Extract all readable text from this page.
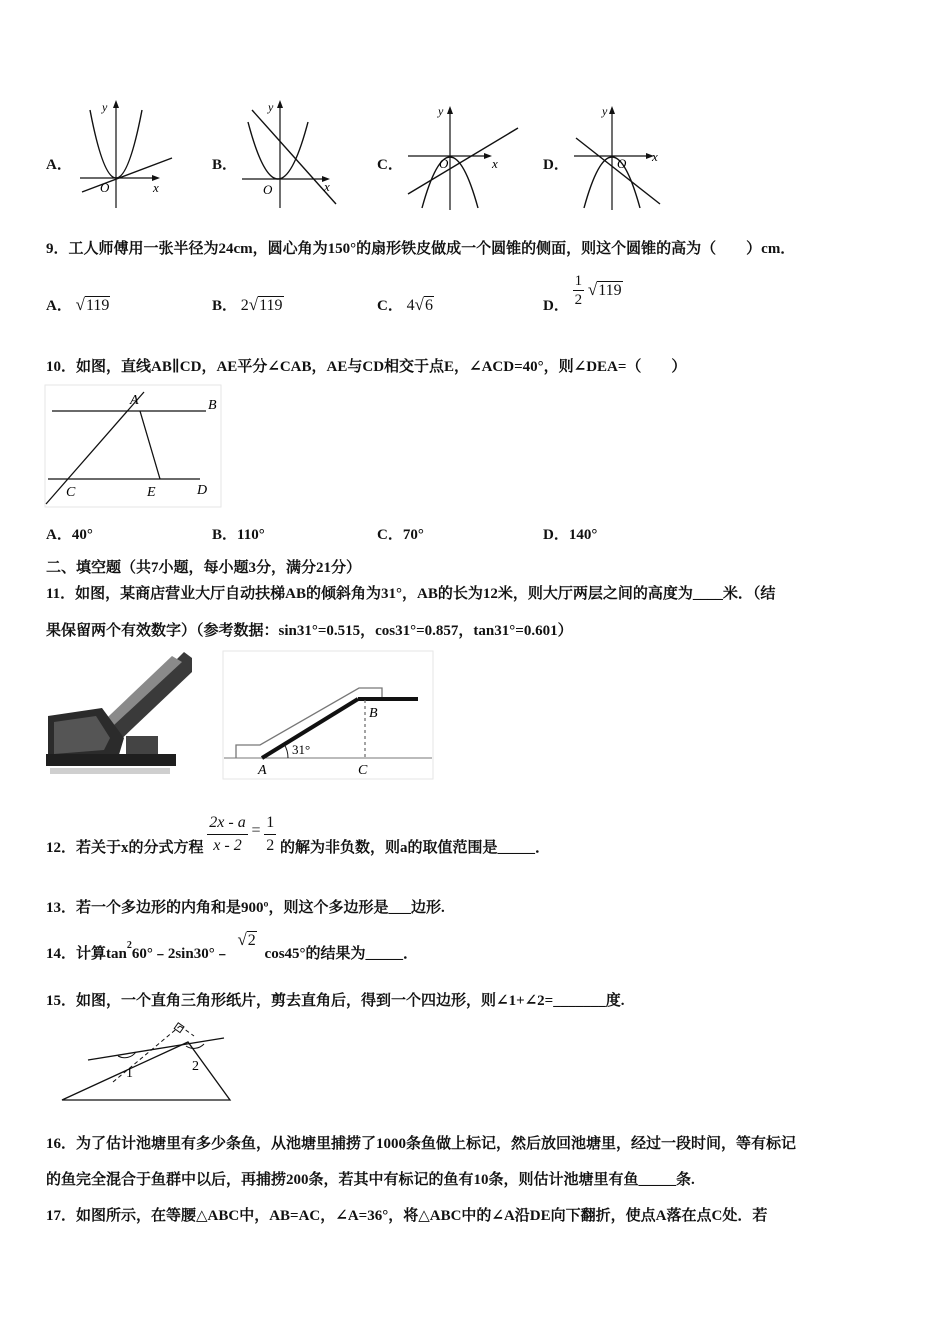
A．
y
x
O
B．
y
x
O
C．
y
x
O	D．
y
x
O
9．工人师傅用一张半径为24cm，圆心角为150°的扇形铁皮做成一个圆锥的侧面，则这个圆锥的高为（　　）cm．
A． √119	B． 2√119	C． 4√6	D． $\frac{1}{2} √119$
10．如图，直线AB∥CD，AE平分∠CAB，AE与CD相交于点E，∠ACD=40°，则∠DEA=（　　）
A	B
C	E	D
A．40°	B．110°	C．70°	D．140°
二、填空题（共7小题，每小题3分，满分21分）
11．如图，某商店营业大厅自动扶梯AB的倾斜角为31°，AB的长为12米，则大厅两层之间的高度为____米．（结
果保留两个有效数字）（参考数据：sin31°=0.515，cos31°=0.857，tan31°=0.601）
31°
A
B
C
12．若关于x的分式方程 $\frac{2x - a}{x - 2} = \frac{1}{2}$ 的解为非负数，则a的取值范围是_____．
13．若一个多边形的内角和是900º，则这个多边形是___边形.
14．计算$\tan^260^\circ﹣2\sin 30^\circ﹣$ √2 cos45°的结果为_____．
15．如图，一个直角三角形纸片，剪去直角后，得到一个四边形，则∠1+∠2=_______度.
1	2
16．为了估计池塘里有多少条鱼，从池塘里捕捞了1000条鱼做上标记，然后放回池塘里，经过一段时间，等有标记
的鱼完全混合于鱼群中以后，再捕捞200条，若其中有标记的鱼有10条，则估计池塘里有鱼_____条.
17．如图所示，在等腰△ABC中，AB=AC，∠A=36°，将△ABC中的∠A沿DE向下翻折，使点A落在点C处．若
